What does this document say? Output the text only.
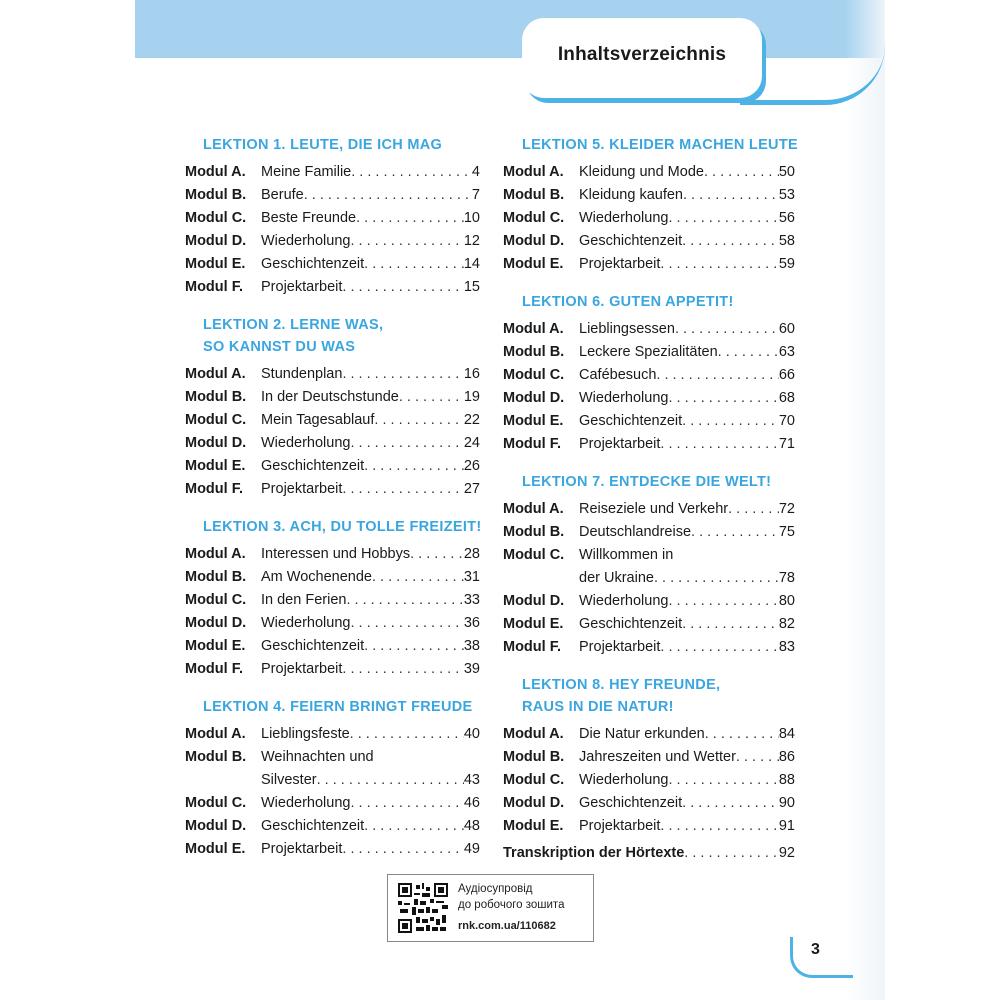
Inhaltsverzeichnis
LEKTION 1. LEUTE, DIE ICH MAG
Modul A.	Meine Familie . . .	4
Modul B.	Berufe . . .	7
Modul C.	Beste Freunde . . .	10
Modul D.	Wiederholung . . .	12
Modul E.	Geschichtenzeit . . .	14
Modul F.	Projektarbeit . . .	15
LEKTION 2. LERNE WAS,
SO KANNST DU WAS
Modul A.	Stundenplan . . .	16
Modul B.	In der Deutschstunde . . .	19
Modul C.	Mein Tagesablauf . . .	22
Modul D.	Wiederholung . . .	24
Modul E.	Geschichtenzeit . . .	26
Modul F.	Projektarbeit . . .	27
LEKTION 3. ACH, DU TOLLE FREIZEIT!
Modul A.	Interessen und Hobbys . . .	28
Modul B.	Am Wochenende . . .	31
Modul C.	In den Ferien . . .	33
Modul D.	Wiederholung . . .	36
Modul E.	Geschichtenzeit . . .	38
Modul F.	Projektarbeit . . .	39
LEKTION 4. FEIERN BRINGT FREUDE
Modul A.	Lieblingsfeste . . .	40
Modul B. Weihnachten und
Silvester . . .	43
Modul C.	Wiederholung . . .	46
Modul D.	Geschichtenzeit . . .	48
Modul E.	Projektarbeit . . .	49
LEKTION 5. KLEIDER MACHEN LEUTE
Modul A.	Kleidung und Mode . . .	50
Modul B.	Kleidung kaufen . . .	53
Modul C.	Wiederholung . . .	56
Modul D.	Geschichtenzeit . . .	58
Modul E.	Projektarbeit . . .	59
LEKTION 6. GUTEN APPETIT!
Modul A.	Lieblingsessen . . .	60
Modul B.	Leckere Spezialitäten . . .	63
Modul C.	Cafébesuch . . .	66
Modul D.	Wiederholung . . .	68
Modul E.	Geschichtenzeit . . .	70
Modul F.	Projektarbeit . . .	71
LEKTION 7. ENTDECKE DIE WELT!
Modul A.	Reiseziele und Verkehr . . .	72
Modul B.	Deutschlandreise . . .	75
Modul C. Willkommen in
der Ukraine . . .	78
Modul D.	Wiederholung . . .	80
Modul E.	Geschichtenzeit . . .	82
Modul F.	Projektarbeit . . .	83
LEKTION 8. HEY FREUNDE,
RAUS IN DIE NATUR!
Modul A.	Die Natur erkunden . . .	84
Modul B.	Jahreszeiten und Wetter . . .	86
Modul C.	Wiederholung . . .	88
Modul D.	Geschichtenzeit . . .	90
Modul E.	Projektarbeit . . .	91
Transkription der Hörtexte . . .	92
Аудіосупровід
до робочого зошита
rnk.com.ua/110682
3
